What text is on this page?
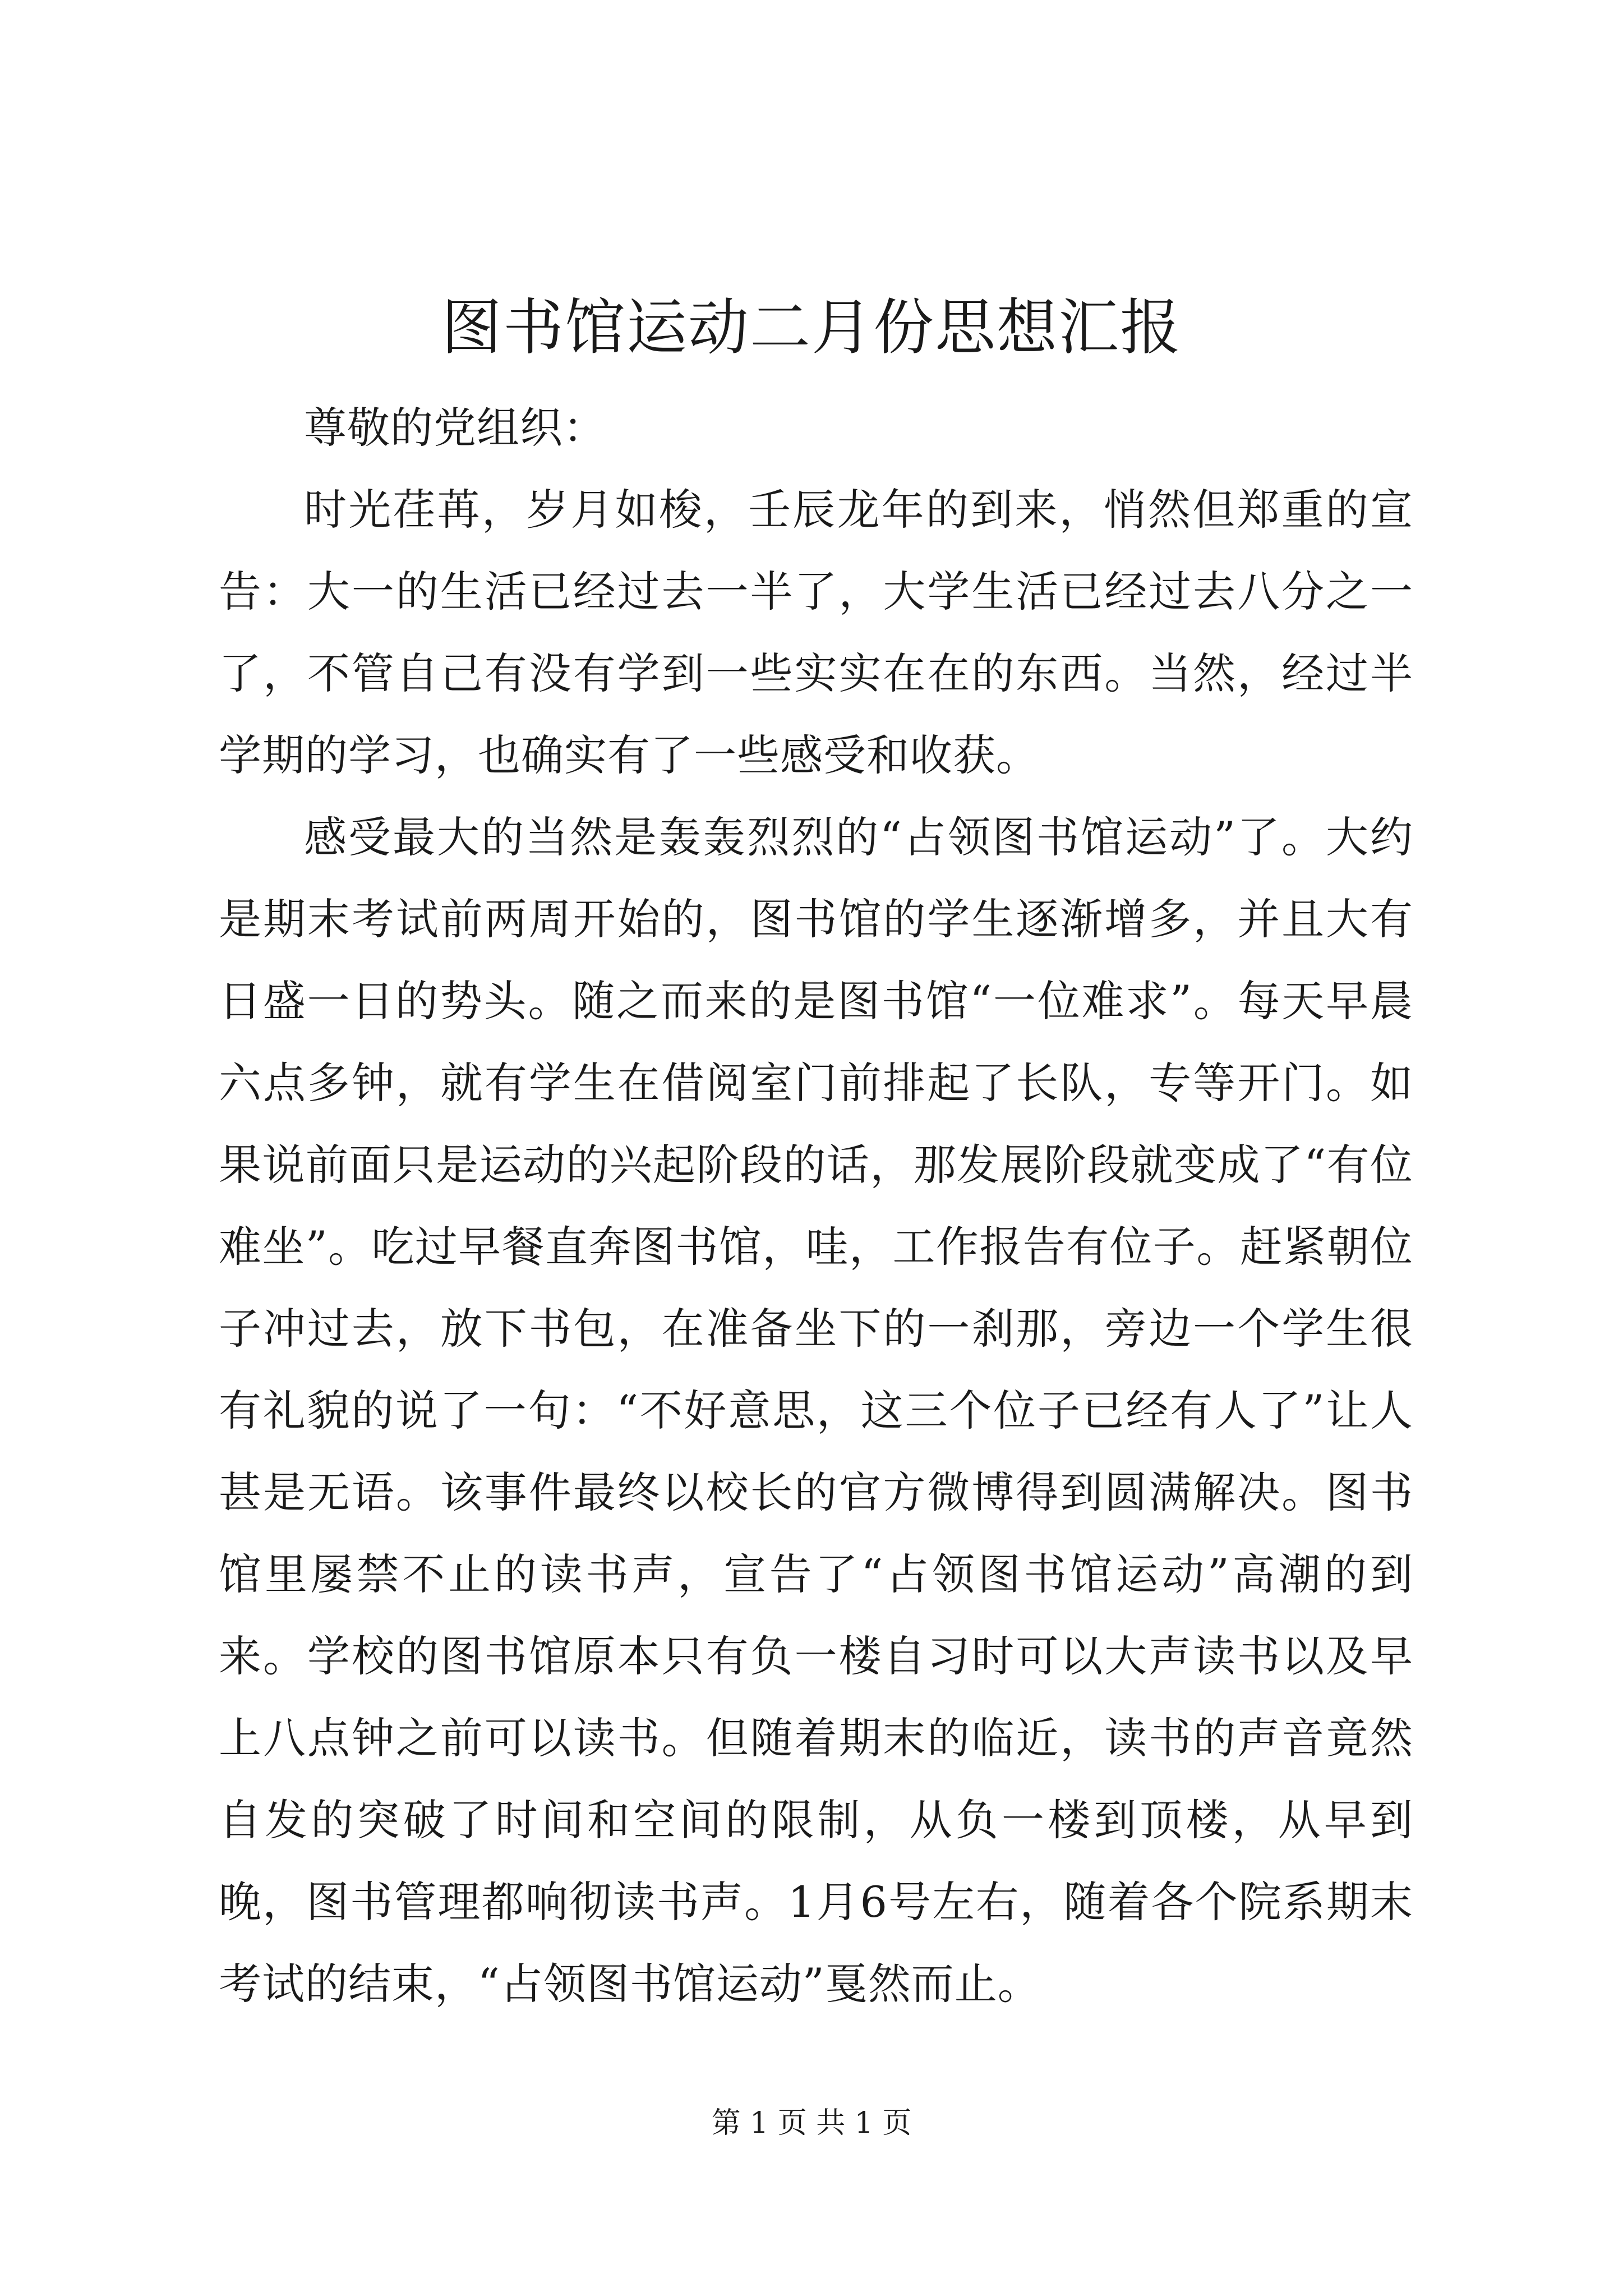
图书馆运动二月份思想汇报

尊敬的党组织：

时光荏苒，岁月如梭，壬辰龙年的到来，悄然但郑重的宣告：大一的生活已经过去一半了，大学生活已经过去八分之一了，不管自己有没有学到一些实实在在的东西。当然，经过半学期的学习，也确实有了一些感受和收获。

感受最大的当然是轰轰烈烈的“占领图书馆运动”了。大约是期末考试前两周开始的，图书馆的学生逐渐增多，并且大有日盛一日的势头。随之而来的是图书馆“一位难求”。每天早晨六点多钟，就有学生在借阅室门前排起了长队，专等开门。如果说前面只是运动的兴起阶段的话，那发展阶段就变成了“有位难坐”。吃过早餐直奔图书馆，哇，工作报告有位子。赶紧朝位子冲过去，放下书包，在准备坐下的一刹那，旁边一个学生很有礼貌的说了一句：“不好意思，这三个位子已经有人了”让人甚是无语。该事件最终以校长的官方微博得到圆满解决。图书馆里屡禁不止的读书声，宣告了“占领图书馆运动”高潮的到来。学校的图书馆原本只有负一楼自习时可以大声读书以及早上八点钟之前可以读书。但随着期末的临近，读书的声音竟然自发的突破了时间和空间的限制，从负一楼到顶楼，从早到晚，图书管理都响彻读书声。1月6号左右，随着各个院系期末考试的结束，“占领图书馆运动”戛然而止。

第 1 页 共 1 页
